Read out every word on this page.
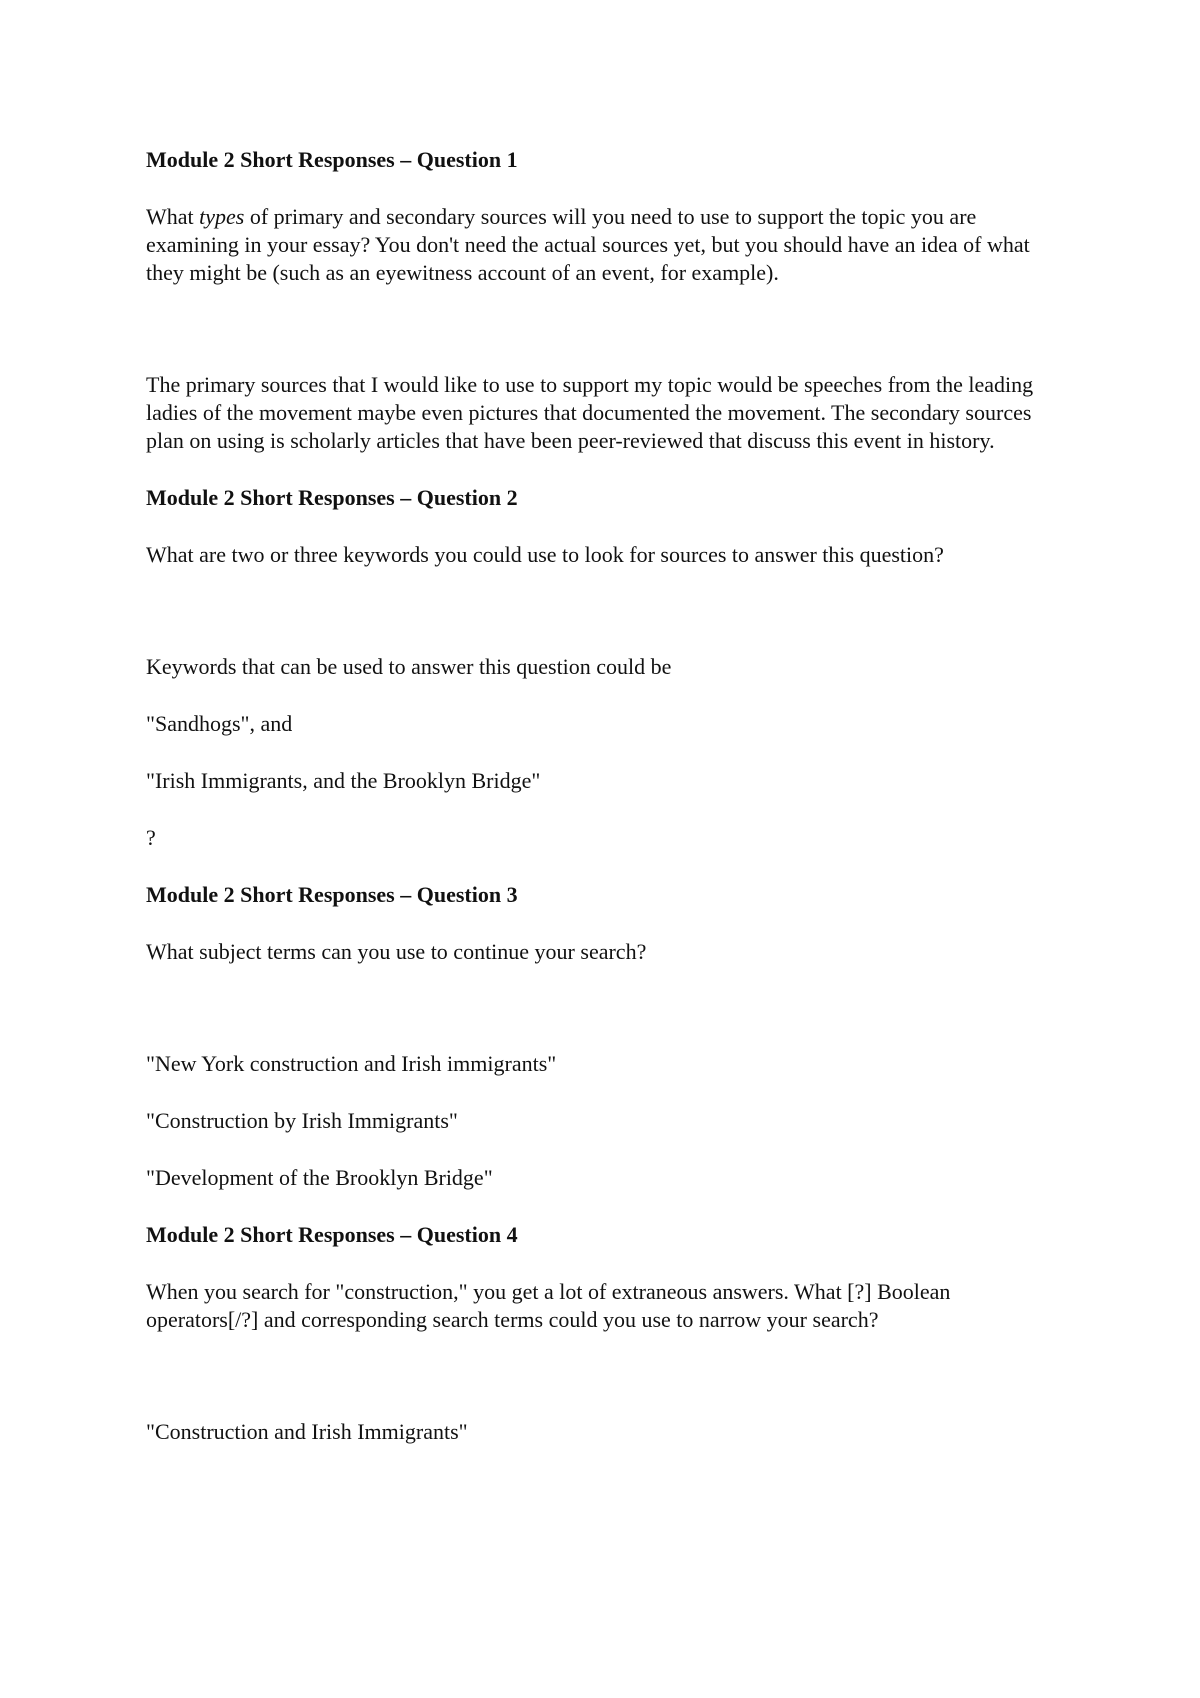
Module 2 Short Responses – Question 1

What types of primary and secondary sources will you need to use to support the topic you are examining in your essay? You don't need the actual sources yet, but you should have an idea of what they might be (such as an eyewitness account of an event, for example).

The primary sources that I would like to use to support my topic would be speeches from the leading ladies of the movement maybe even pictures that documented the movement. The secondary sources plan on using is scholarly articles that have been peer-reviewed that discuss this event in history.

Module 2 Short Responses – Question 2

What are two or three keywords you could use to look for sources to answer this question?

Keywords that can be used to answer this question could be

"Sandhogs", and

"Irish Immigrants, and the Brooklyn Bridge"

?

Module 2 Short Responses – Question 3

What subject terms can you use to continue your search?

"New York construction and Irish immigrants"

"Construction by Irish Immigrants"

"Development of the Brooklyn Bridge"

Module 2 Short Responses – Question 4

When you search for "construction," you get a lot of extraneous answers. What [?] Boolean operators[/?] and corresponding search terms could you use to narrow your search?

"Construction and Irish Immigrants"
